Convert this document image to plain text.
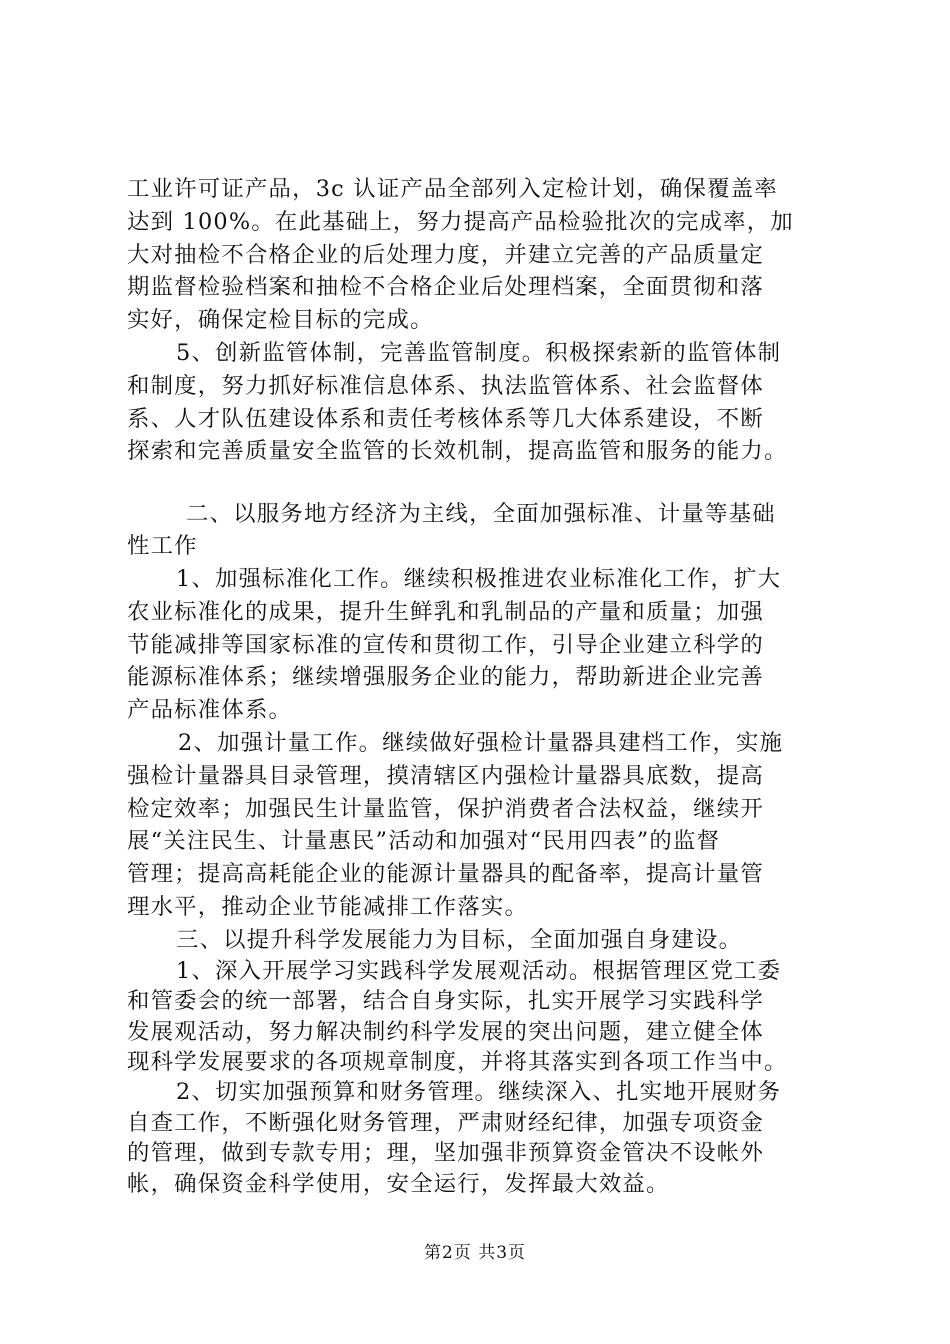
工业许可证产品，3c 认证产品全部列入定检计划，确保覆盖率
达到 100%。在此基础上，努力提高产品检验批次的完成率，加
大对抽检不合格企业的后处理力度，并建立完善的产品质量定
期监督检验档案和抽检不合格企业后处理档案，全面贯彻和落
实好，确保定检目标的完成。
5、创新监管体制，完善监管制度。积极探索新的监管体制
和制度，努力抓好标准信息体系、执法监管体系、社会监督体
系、人才队伍建设体系和责任考核体系等几大体系建设，不断
探索和完善质量安全监管的长效机制，提高监管和服务的能力。
二、以服务地方经济为主线，全面加强标准、计量等基础
性工作
1、加强标准化工作。继续积极推进农业标准化工作，扩大
农业标准化的成果，提升生鲜乳和乳制品的产量和质量；加强
节能减排等国家标准的宣传和贯彻工作，引导企业建立科学的
能源标准体系；继续增强服务企业的能力，帮助新进企业完善
产品标准体系。
2、加强计量工作。继续做好强检计量器具建档工作，实施
强检计量器具目录管理，摸清辖区内强检计量器具底数，提高
检定效率；加强民生计量监管，保护消费者合法权益，继续开
展“关注民生、计量惠民”活动和加强对“民用四表”的监督
管理；提高高耗能企业的能源计量器具的配备率，提高计量管
理水平，推动企业节能减排工作落实。
三、以提升科学发展能力为目标，全面加强自身建设。
1、深入开展学习实践科学发展观活动。根据管理区党工委
和管委会的统一部署，结合自身实际，扎实开展学习实践科学
发展观活动，努力解决制约科学发展的突出问题，建立健全体
现科学发展要求的各项规章制度，并将其落实到各项工作当中。
2、切实加强预算和财务管理。继续深入、扎实地开展财务
自查工作，不断强化财务管理，严肃财经纪律，加强专项资金
的管理，做到专款专用；理，坚加强非预算资金管决不设帐外
帐，确保资金科学使用，安全运行，发挥最大效益。
第2页 共3页
